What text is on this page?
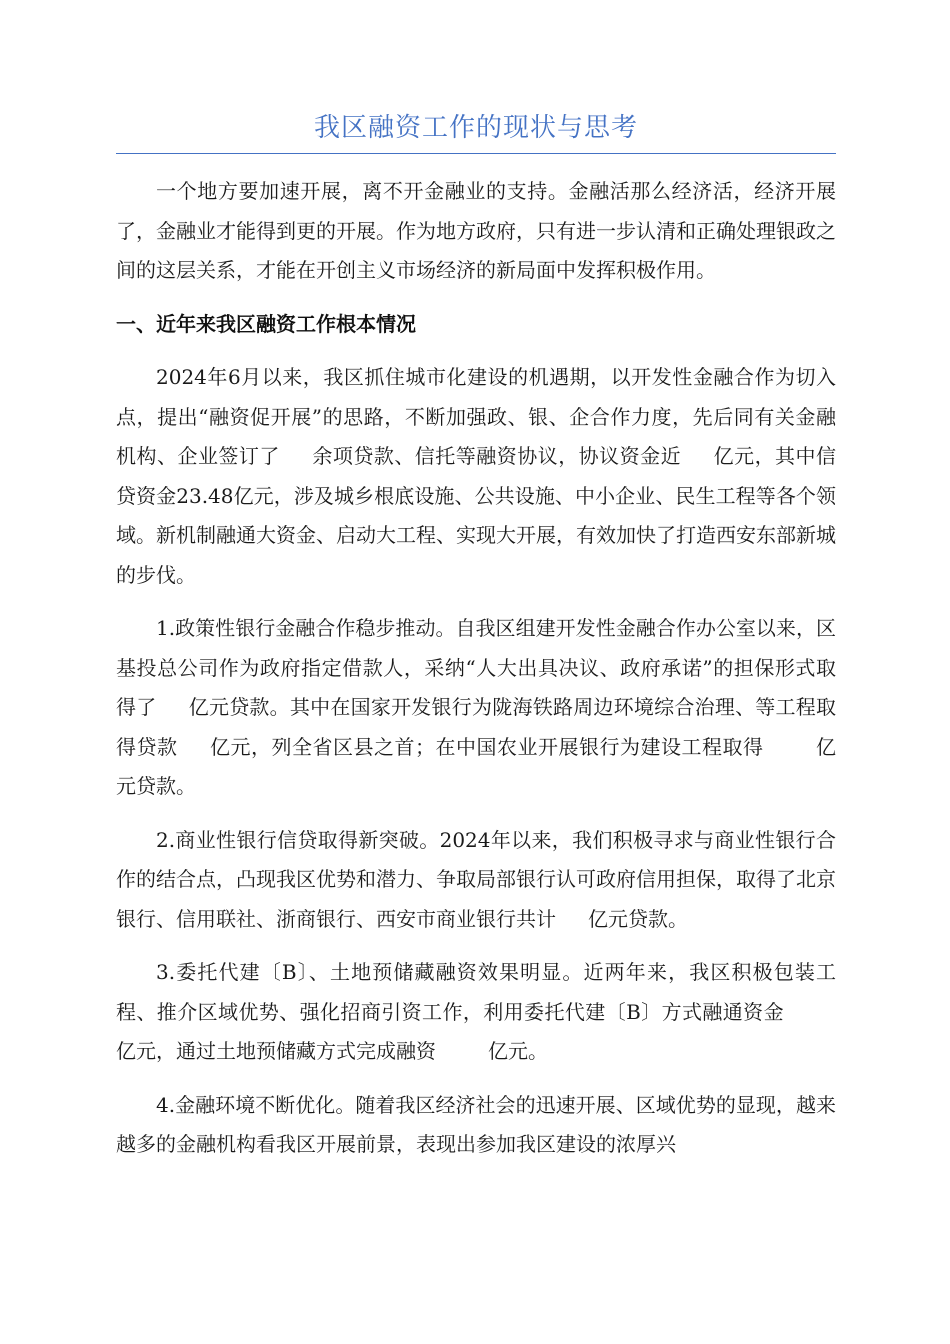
我区融资工作的现状与思考

一个地方要加速开展，离不开金融业的支持。金融活那么经济活，经济开展了，金融业才能得到更的开展。作为地方政府，只有进一步认清和正确处理银政之间的这层关系，才能在开创主义市场经济的新局面中发挥积极作用。

一、近年来我区融资工作根本情况

2024年6月以来，我区抓住城市化建设的机遇期，以开发性金融合作为切入点，提出“融资促开展”的思路，不断加强政、银、企合作力度，先后同有关金融机构、企业签订了 余项贷款、信托等融资协议，协议资金近 亿元，其中信贷资金23.48亿元，涉及城乡根底设施、公共设施、中小企业、民生工程等各个领域。新机制融通大资金、启动大工程、实现大开展，有效加快了打造西安东部新城的步伐。

1.政策性银行金融合作稳步推动。自我区组建开发性金融合作办公室以来，区基投总公司作为政府指定借款人，采纳“人大出具决议、政府承诺”的担保形式取得了 亿元贷款。其中在国家开发银行为陇海铁路周边环境综合治理、等工程取得贷款 亿元，列全省区县之首；在中国农业开展银行为建设工程取得	亿元贷款。

2.商业性银行信贷取得新突破。2024年以来，我们积极寻求与商业性银行合作的结合点，凸现我区优势和潜力、争取局部银行认可政府信用担保，取得了北京银行、信用联社、浙商银行、西安市商业银行共计 亿元贷款。

3.委托代建〔B〕、土地预储藏融资效果明显。近两年来，我区积极包装工程、推介区域优势、强化招商引资工作，利用委托代建〔B〕方式融通资金亿元，通过土地预储藏方式完成融资	亿元。

4.金融环境不断优化。随着我区经济社会的迅速开展、区域优势的显现，越来越多的金融机构看我区开展前景，表现出参加我区建设的浓厚兴
